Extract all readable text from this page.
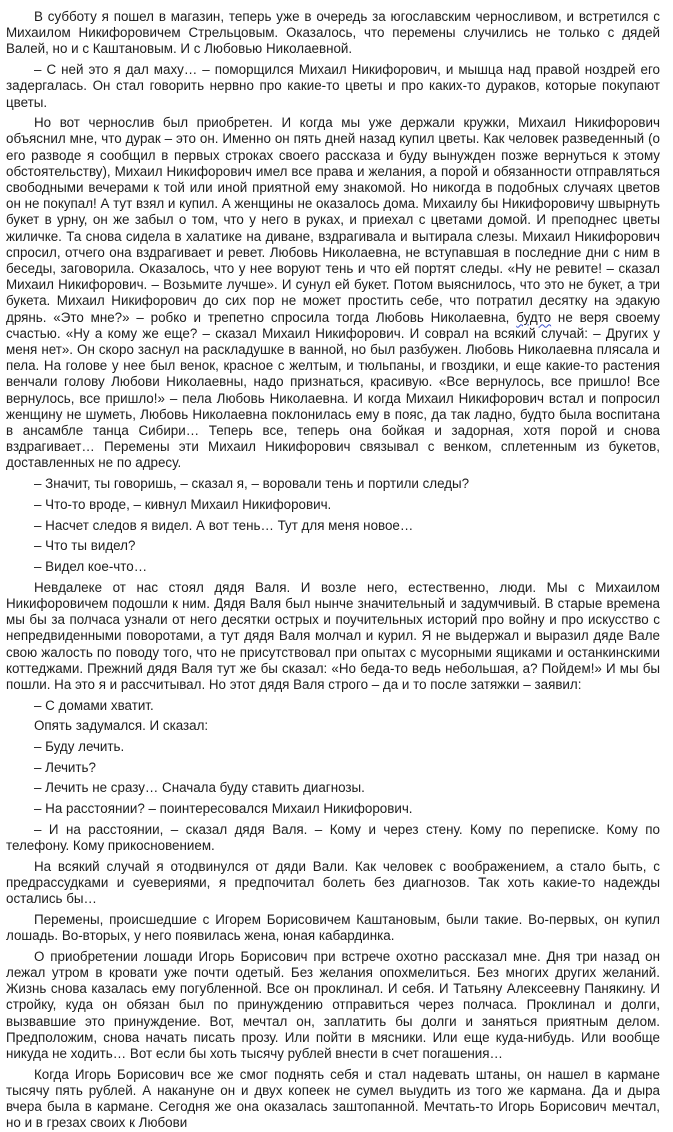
В субботу я пошел в магазин, теперь уже в очередь за югославским черносливом, и встретился с Михаилом Никифоровичем Стрельцовым. Оказалось, что перемены случились не только с дядей Валей, но и с Каштановым. И с Любовью Николаевной.

– С ней это я дал маху… – поморщился Михаил Никифорович, и мышца над правой ноздрей его задергалась. Он стал говорить нервно про какие-то цветы и про каких-то дураков, которые покупают цветы.

Но вот чернослив был приобретен. И когда мы уже держали кружки, Михаил Никифорович объяснил мне, что дурак – это он. Именно он пять дней назад купил цветы. Как человек разведенный (о его разводе я сообщил в первых строках своего рассказа и буду вынужден позже вернуться к этому обстоятельству), Михаил Никифорович имел все права и желания, а порой и обязанности отправляться свободными вечерами к той или иной приятной ему знакомой. Но никогда в подобных случаях цветов он не покупал! А тут взял и купил. А женщины не оказалось дома. Михаилу бы Никифоровичу швырнуть букет в урну, он же забыл о том, что у него в руках, и приехал с цветами домой. И преподнес цветы жиличке. Та снова сидела в халатике на диване, вздрагивала и вытирала слезы. Михаил Никифорович спросил, отчего она вздрагивает и ревет. Любовь Николаевна, не вступавшая в последние дни с ним в беседы, заговорила. Оказалось, что у нее воруют тень и что ей портят следы. «Ну не ревите! – сказал Михаил Никифорович. – Возьмите лучше». И сунул ей букет. Потом выяснилось, что это не букет, а три букета. Михаил Никифорович до сих пор не может простить себе, что потратил десятку на эдакую дрянь. «Это мне?» – робко и трепетно спросила тогда Любовь Николаевна, будто не веря своему счастью. «Ну а кому же еще? – сказал Михаил Никифорович. И соврал на всякий случай: – Других у меня нет». Он скоро заснул на раскладушке в ванной, но был разбужен. Любовь Николаевна плясала и пела. На голове у нее был венок, красное с желтым, и тюльпаны, и гвоздики, и еще какие-то растения венчали голову Любови Николаевны, надо признаться, красивую. «Все вернулось, все пришло! Все вернулось, все пришло!» – пела Любовь Николаевна. И когда Михаил Никифорович встал и попросил женщину не шуметь, Любовь Николаевна поклонилась ему в пояс, да так ладно, будто была воспитана в ансамбле танца Сибири… Теперь все, теперь она бойкая и задорная, хотя порой и снова вздрагивает… Перемены эти Михаил Никифорович связывал с венком, сплетенным из букетов, доставленных не по адресу.

– Значит, ты говоришь, – сказал я, – воровали тень и портили следы?

– Что-то вроде, – кивнул Михаил Никифорович.

– Насчет следов я видел. А вот тень… Тут для меня новое…

– Что ты видел?

– Видел кое-что…

Невдалеке от нас стоял дядя Валя. И возле него, естественно, люди. Мы с Михаилом Никифоровичем подошли к ним. Дядя Валя был нынче значительный и задумчивый. В старые времена мы бы за полчаса узнали от него десятки острых и поучительных историй про войну и про искусство с непредвиденными поворотами, а тут дядя Валя молчал и курил. Я не выдержал и выразил дяде Вале свою жалость по поводу того, что не присутствовал при опытах с мусорными ящиками и останкинскими коттеджами. Прежний дядя Валя тут же бы сказал: «Но беда-то ведь небольшая, а? Пойдем!» И мы бы пошли. На это я и рассчитывал. Но этот дядя Валя строго – да и то после затяжки – заявил:

– С домами хватит.

Опять задумался. И сказал:

– Буду лечить.

– Лечить?

– Лечить не сразу… Сначала буду ставить диагнозы.

– На расстоянии? – поинтересовался Михаил Никифорович.

– И на расстоянии, – сказал дядя Валя. – Кому и через стену. Кому по переписке. Кому по телефону. Кому прикосновением.

На всякий случай я отодвинулся от дяди Вали. Как человек с воображением, а стало быть, с предрассудками и суевериями, я предпочитал болеть без диагнозов. Так хоть какие-то надежды остались бы…

Перемены, происшедшие с Игорем Борисовичем Каштановым, были такие. Во-первых, он купил лошадь. Во-вторых, у него появилась жена, юная кабардинка.

О приобретении лошади Игорь Борисович при встрече охотно рассказал мне. Дня три назад он лежал утром в кровати уже почти одетый. Без желания опохмелиться. Без многих других желаний. Жизнь снова казалась ему погубленной. Все он проклинал. И себя. И Татьяну Алексеевну Панякину. И стройку, куда он обязан был по принуждению отправиться через полчаса. Проклинал и долги, вызвавшие это принуждение. Вот, мечтал он, заплатить бы долги и заняться приятным делом. Предположим, снова начать писать прозу. Или пойти в мясники. Или еще куда-нибудь. Или вообще никуда не ходить… Вот если бы хоть тысячу рублей внести в счет погашения…

Когда Игорь Борисович все же смог поднять себя и стал надевать штаны, он нашел в кармане тысячу пять рублей. А накануне он и двух копеек не сумел выудить из того же кармана. Да и дыра вчера была в кармане. Сегодня же она оказалась заштопанной. Мечтать-то Игорь Борисович мечтал, но и в грезах своих к Любови
